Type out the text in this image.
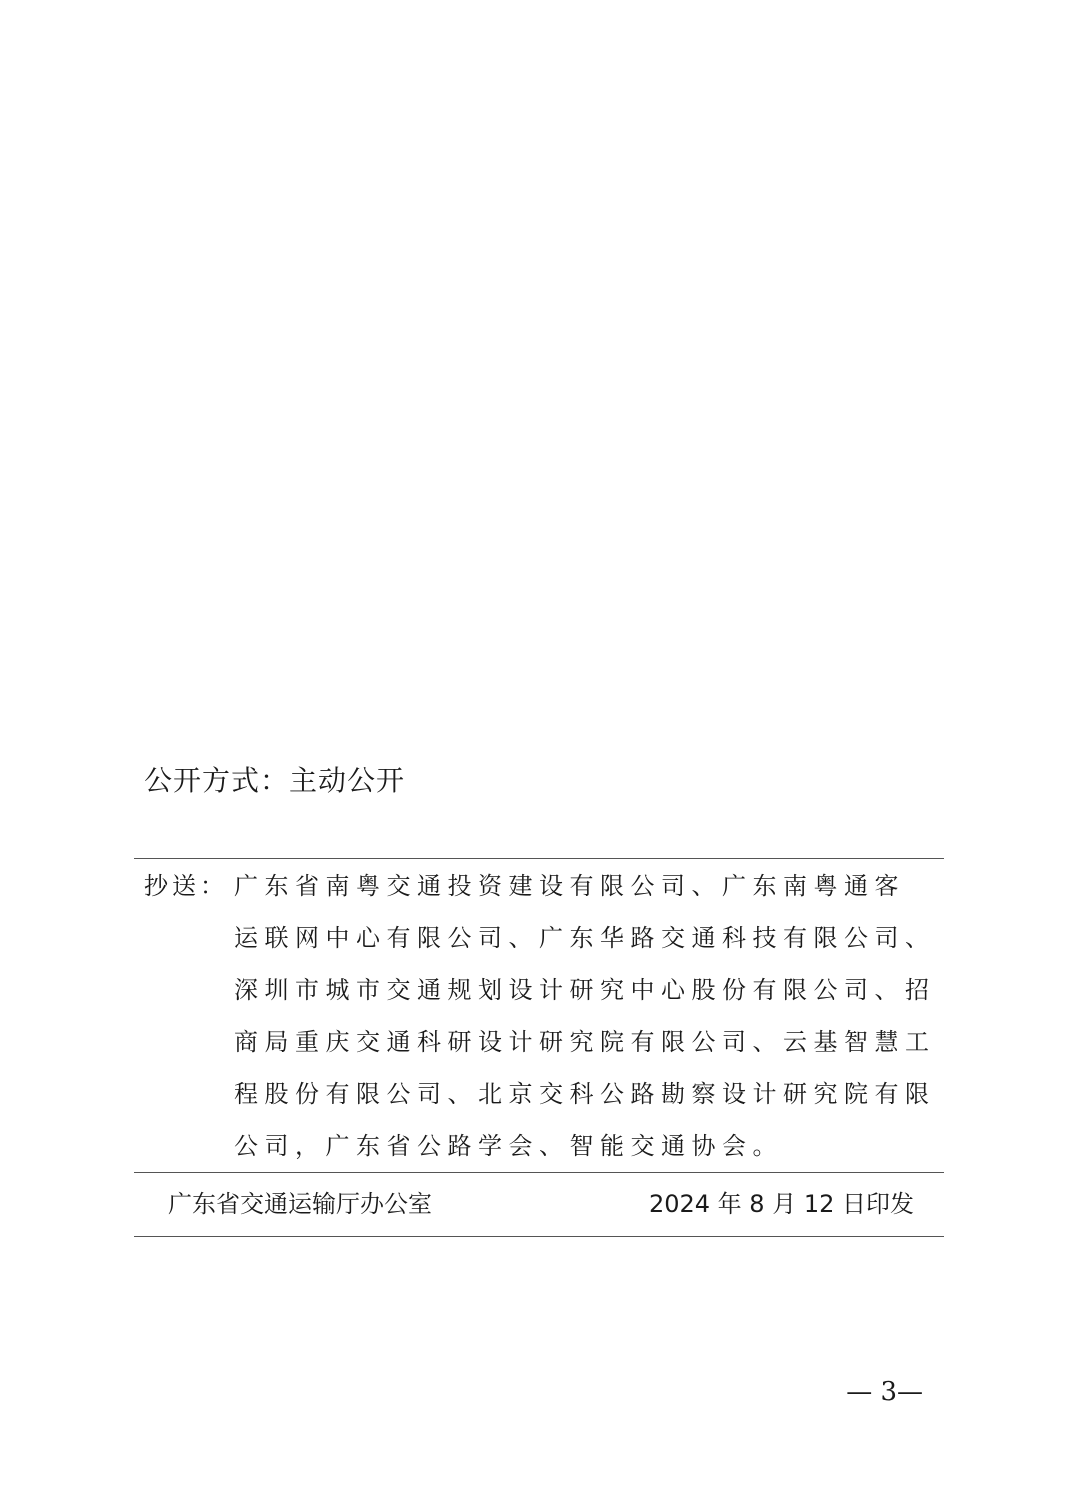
公开方式：主动公开
抄送： 广东省南粤交通投资建设有限公司、广东南粤通客
运联网中心有限公司、广东华路交通科技有限公司、
深圳市城市交通规划设计研究中心股份有限公司、招
商局重庆交通科研设计研究院有限公司、云基智慧工
程股份有限公司、北京交科公路勘察设计研究院有限
公司，广东省公路学会、智能交通协会。
广东省交通运输厅办公室	2024 年 8 月 12 日印发
— 3—
